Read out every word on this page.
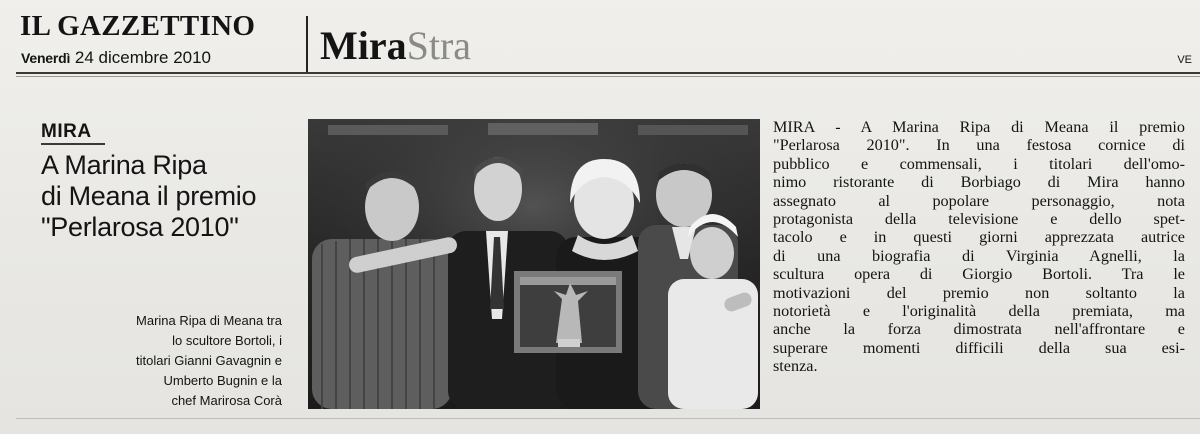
IL GAZZETTINO
Venerdì 24 dicembre 2010	MiraStra	VE
MIRA
A Marina Ripa
di Meana il premio
"Perlarosa 2010"
Marina Ripa di Meana tra
lo scultore Bortoli, i
titolari Gianni Gavagnin e
Umberto Bugnin e la
chef Marirosa Corà
MIRA - A Marina Ripa di Meana il premio
"Perlarosa 2010". In una festosa cornice di
pubblico e commensali, i titolari dell'omo-
nimo ristorante di Borbiago di Mira hanno
assegnato al popolare personaggio, nota
protagonista della televisione e dello spet-
tacolo e in questi giorni apprezzata autrice
di una biografia di Virginia Agnelli, la
scultura opera di Giorgio Bortoli. Tra le
motivazioni del premio non soltanto la
notorietà e l'originalità della premiata, ma
anche la forza dimostrata nell'affrontare e
superare momenti difficili della sua esi-
stenza.
